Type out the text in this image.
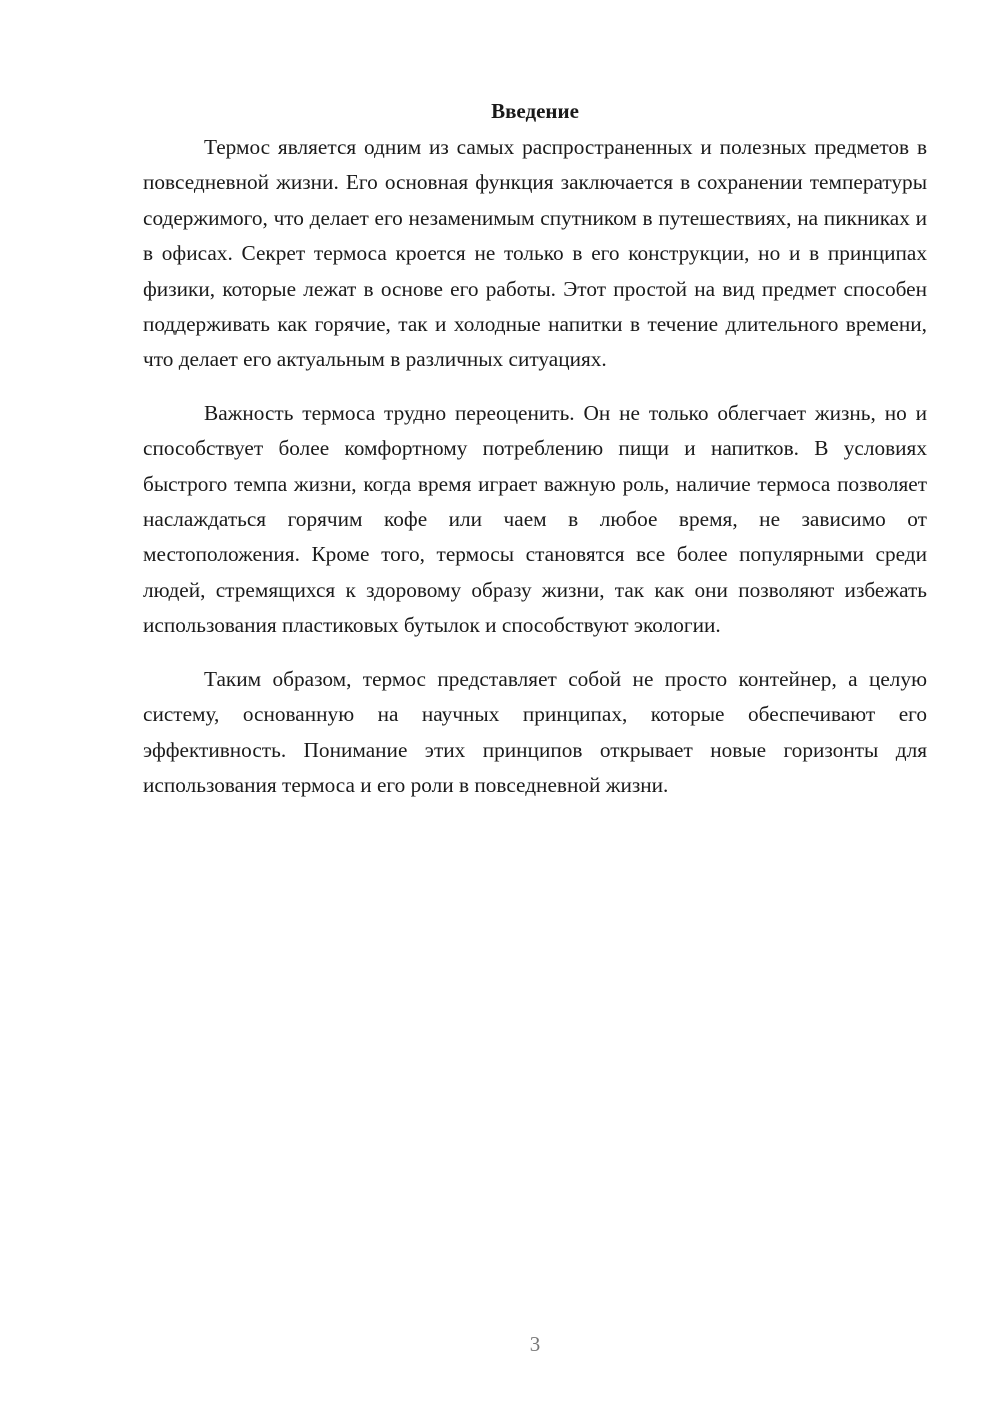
Введение

Термос является одним из самых распространенных и полезных предметов в повседневной жизни. Его основная функция заключается в сохранении температуры содержимого, что делает его незаменимым спутником в путешествиях, на пикниках и в офисах. Секрет термоса кроется не только в его конструкции, но и в принципах физики, которые лежат в основе его работы. Этот простой на вид предмет способен поддерживать как горячие, так и холодные напитки в течение длительного времени, что делает его актуальным в различных ситуациях.

Важность термоса трудно переоценить. Он не только облегчает жизнь, но и способствует более комфортному потреблению пищи и напитков. В условиях быстрого темпа жизни, когда время играет важную роль, наличие термоса позволяет наслаждаться горячим кофе или чаем в любое время, не зависимо от местоположения. Кроме того, термосы становятся все более популярными среди людей, стремящихся к здоровому образу жизни, так как они позволяют избежать использования пластиковых бутылок и способствуют экологии.

Таким образом, термос представляет собой не просто контейнер, а целую систему, основанную на научных принципах, которые обеспечивают его эффективность. Понимание этих принципов открывает новые горизонты для использования термоса и его роли в повседневной жизни.

3
